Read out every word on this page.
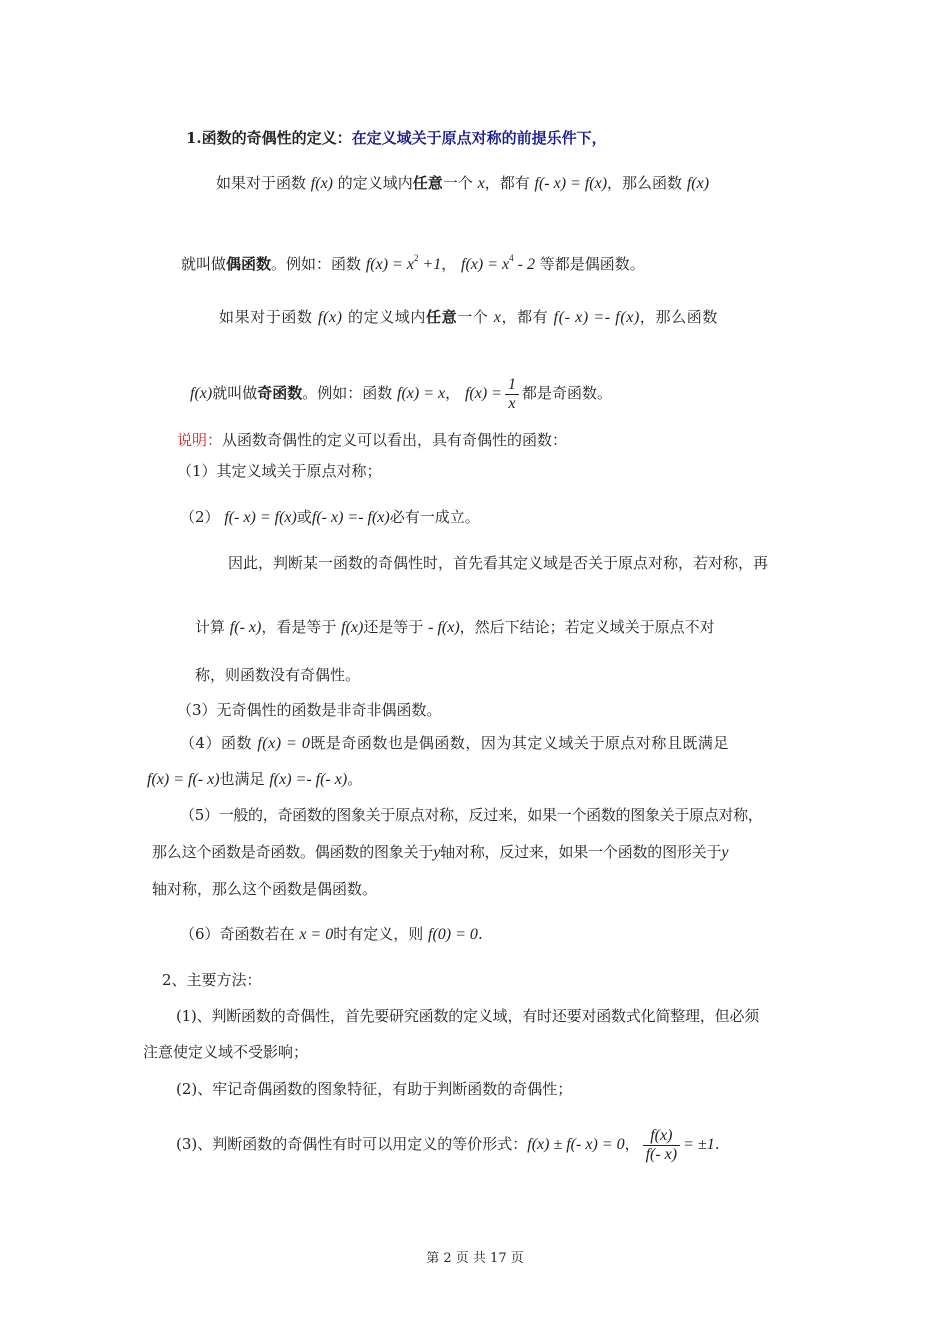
1.函数的奇偶性的定义：在定义域关于原点对称的前提乐件下，
如果对于函数 f(x) 的定义域内任意一个 x，都有 f(- x) = f(x)，那么函数 f(x)
就叫做偶函数。例如：函数 $f(x) = x^2 +1$， $f(x) = x^4 - 2$ 等都是偶函数。
如果对于函数 f(x) 的定义域内任意一个 x，都有 f(- x) =- f(x)，那么函数
f(x)就叫做奇函数。例如：函数 f(x) = x， $f(x) = \frac{1}{x}$ 都是奇函数。
说明：从函数奇偶性的定义可以看出，具有奇偶性的函数：
（1）其定义域关于原点对称；
（2） f(- x) = f(x)或f(- x) =- f(x)必有一成立。
因此，判断某一函数的奇偶性时，首先看其定义域是否关于原点对称，若对称，再
计算 f(- x)，看是等于 f(x)还是等于 - f(x)，然后下结论；若定义域关于原点不对
称，则函数没有奇偶性。
（3）无奇偶性的函数是非奇非偶函数。
（4）函数 f(x) = 0既是奇函数也是偶函数，因为其定义域关于原点对称且既满足
f(x) = f(- x)也满足 f(x) =- f(- x)。
（5）一般的，奇函数的图象关于原点对称，反过来，如果一个函数的图象关于原点对称，
那么这个函数是奇函数。偶函数的图象关于y轴对称，反过来，如果一个函数的图形关于y
轴对称，那么这个函数是偶函数。
（6）奇函数若在 x = 0时有定义，则 f(0) = 0.
2、主要方法：
(1)、判断函数的奇偶性，首先要研究函数的定义域，有时还要对函数式化简整理，但必须
注意使定义域不受影响；
(2)、牢记奇偶函数的图象特征，有助于判断函数的奇偶性；
(3)、判断函数的奇偶性有时可以用定义的等价形式：f(x) ± f(- x) = 0， $\frac{f(x)}{f(- x)} = \pm 1$.
第 2 页 共 17 页
